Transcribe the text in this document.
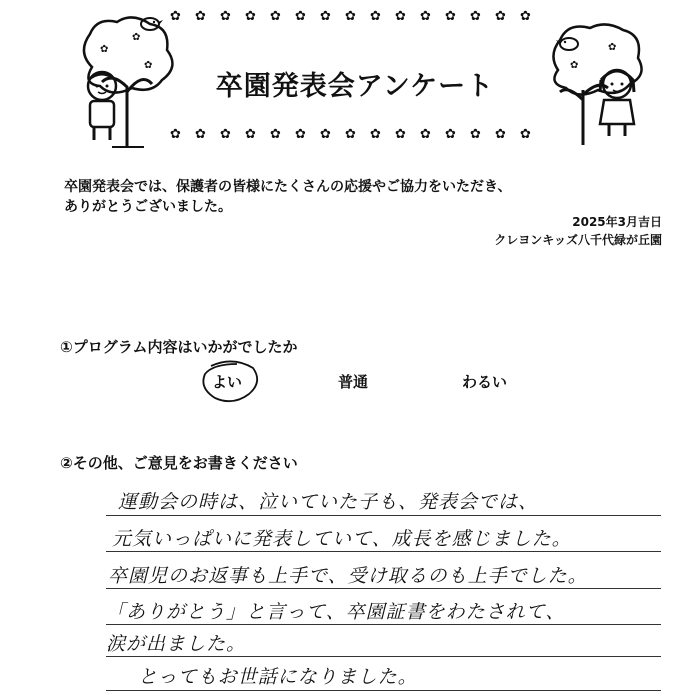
✿ ✿ ✿ ✿ ✿ ✿ ✿ ✿ ✿ ✿ ✿ ✿ ✿ ✿ ✿
✿ ✿ ✿ ✿ ✿ ✿ ✿ ✿ ✿ ✿ ✿ ✿ ✿ ✿ ✿
✿
✿
✿
✿
✿
卒園発表会アンケート
卒園発表会では、保護者の皆様にたくさんの応援やご協力をいただき、
ありがとうございました。
2025年3月吉日
クレヨンキッズ八千代緑が丘園
①プログラム内容はいかがでしたか
よい	普通	わるい
②その他、ご意見をお書きください
運動会の時は、泣いていた子も、発表会では、
元気いっぱいに発表していて、成長を感じました。
卒園児のお返事も上手で、受け取るのも上手でした。
「ありがとう」と言って、卒園証書をわたされて、
涙が出ました。
とってもお世話になりました。
